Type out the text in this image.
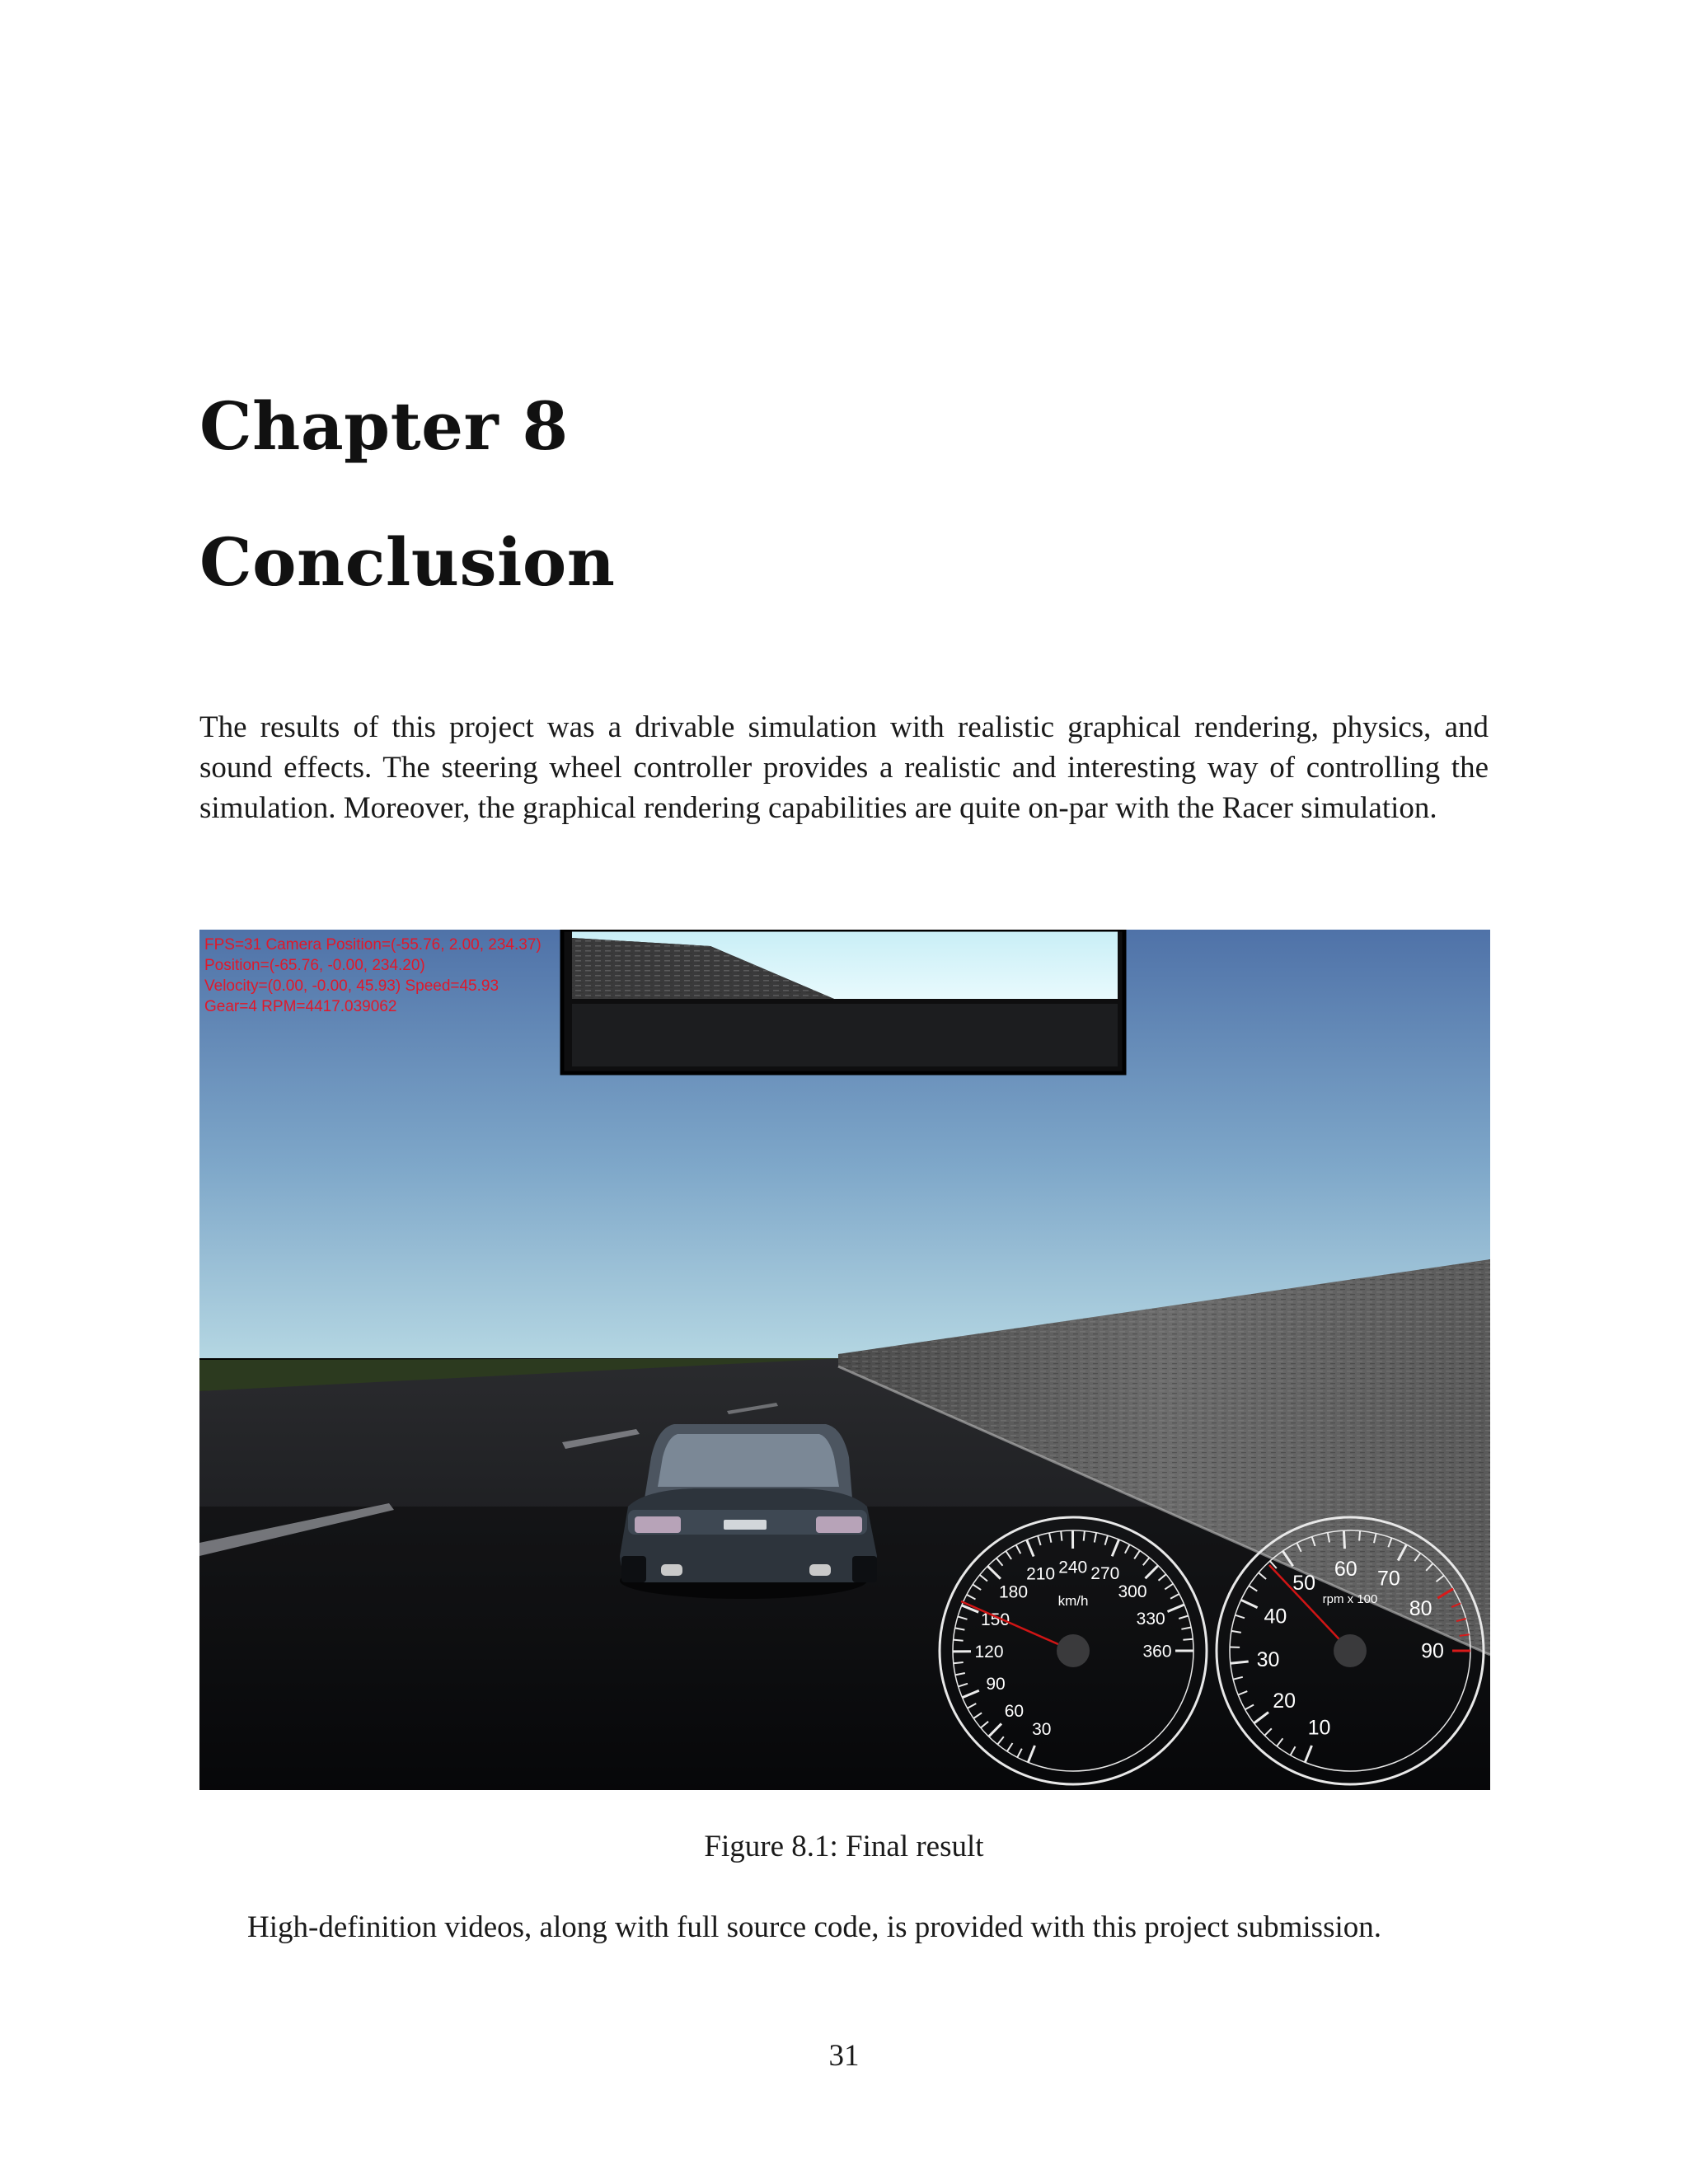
Chapter 8
Conclusion

The results of this project was a drivable simulation with realistic graphical rendering, physics, and sound effects. The steering wheel controller provides a realistic and interesting way of controlling the simulation. Moreover, the graphical rendering capabilities are quite on-par with the Racer simulation.

30
60
90
120
150
180
210 240 270
300
330
360
km/h
10
20
30
40
50
60 70
80
90
rpm x 100
FPS=31 Camera Position=(-55.76, 2.00, 234.37)
Position=(-65.76, -0.00, 234.20)
Velocity=(0.00, -0.00, 45.93) Speed=45.93
Gear=4 RPM=4417.039062
Figure 8.1: Final result

High-definition videos, along with full source code, is provided with this project submission.

31
